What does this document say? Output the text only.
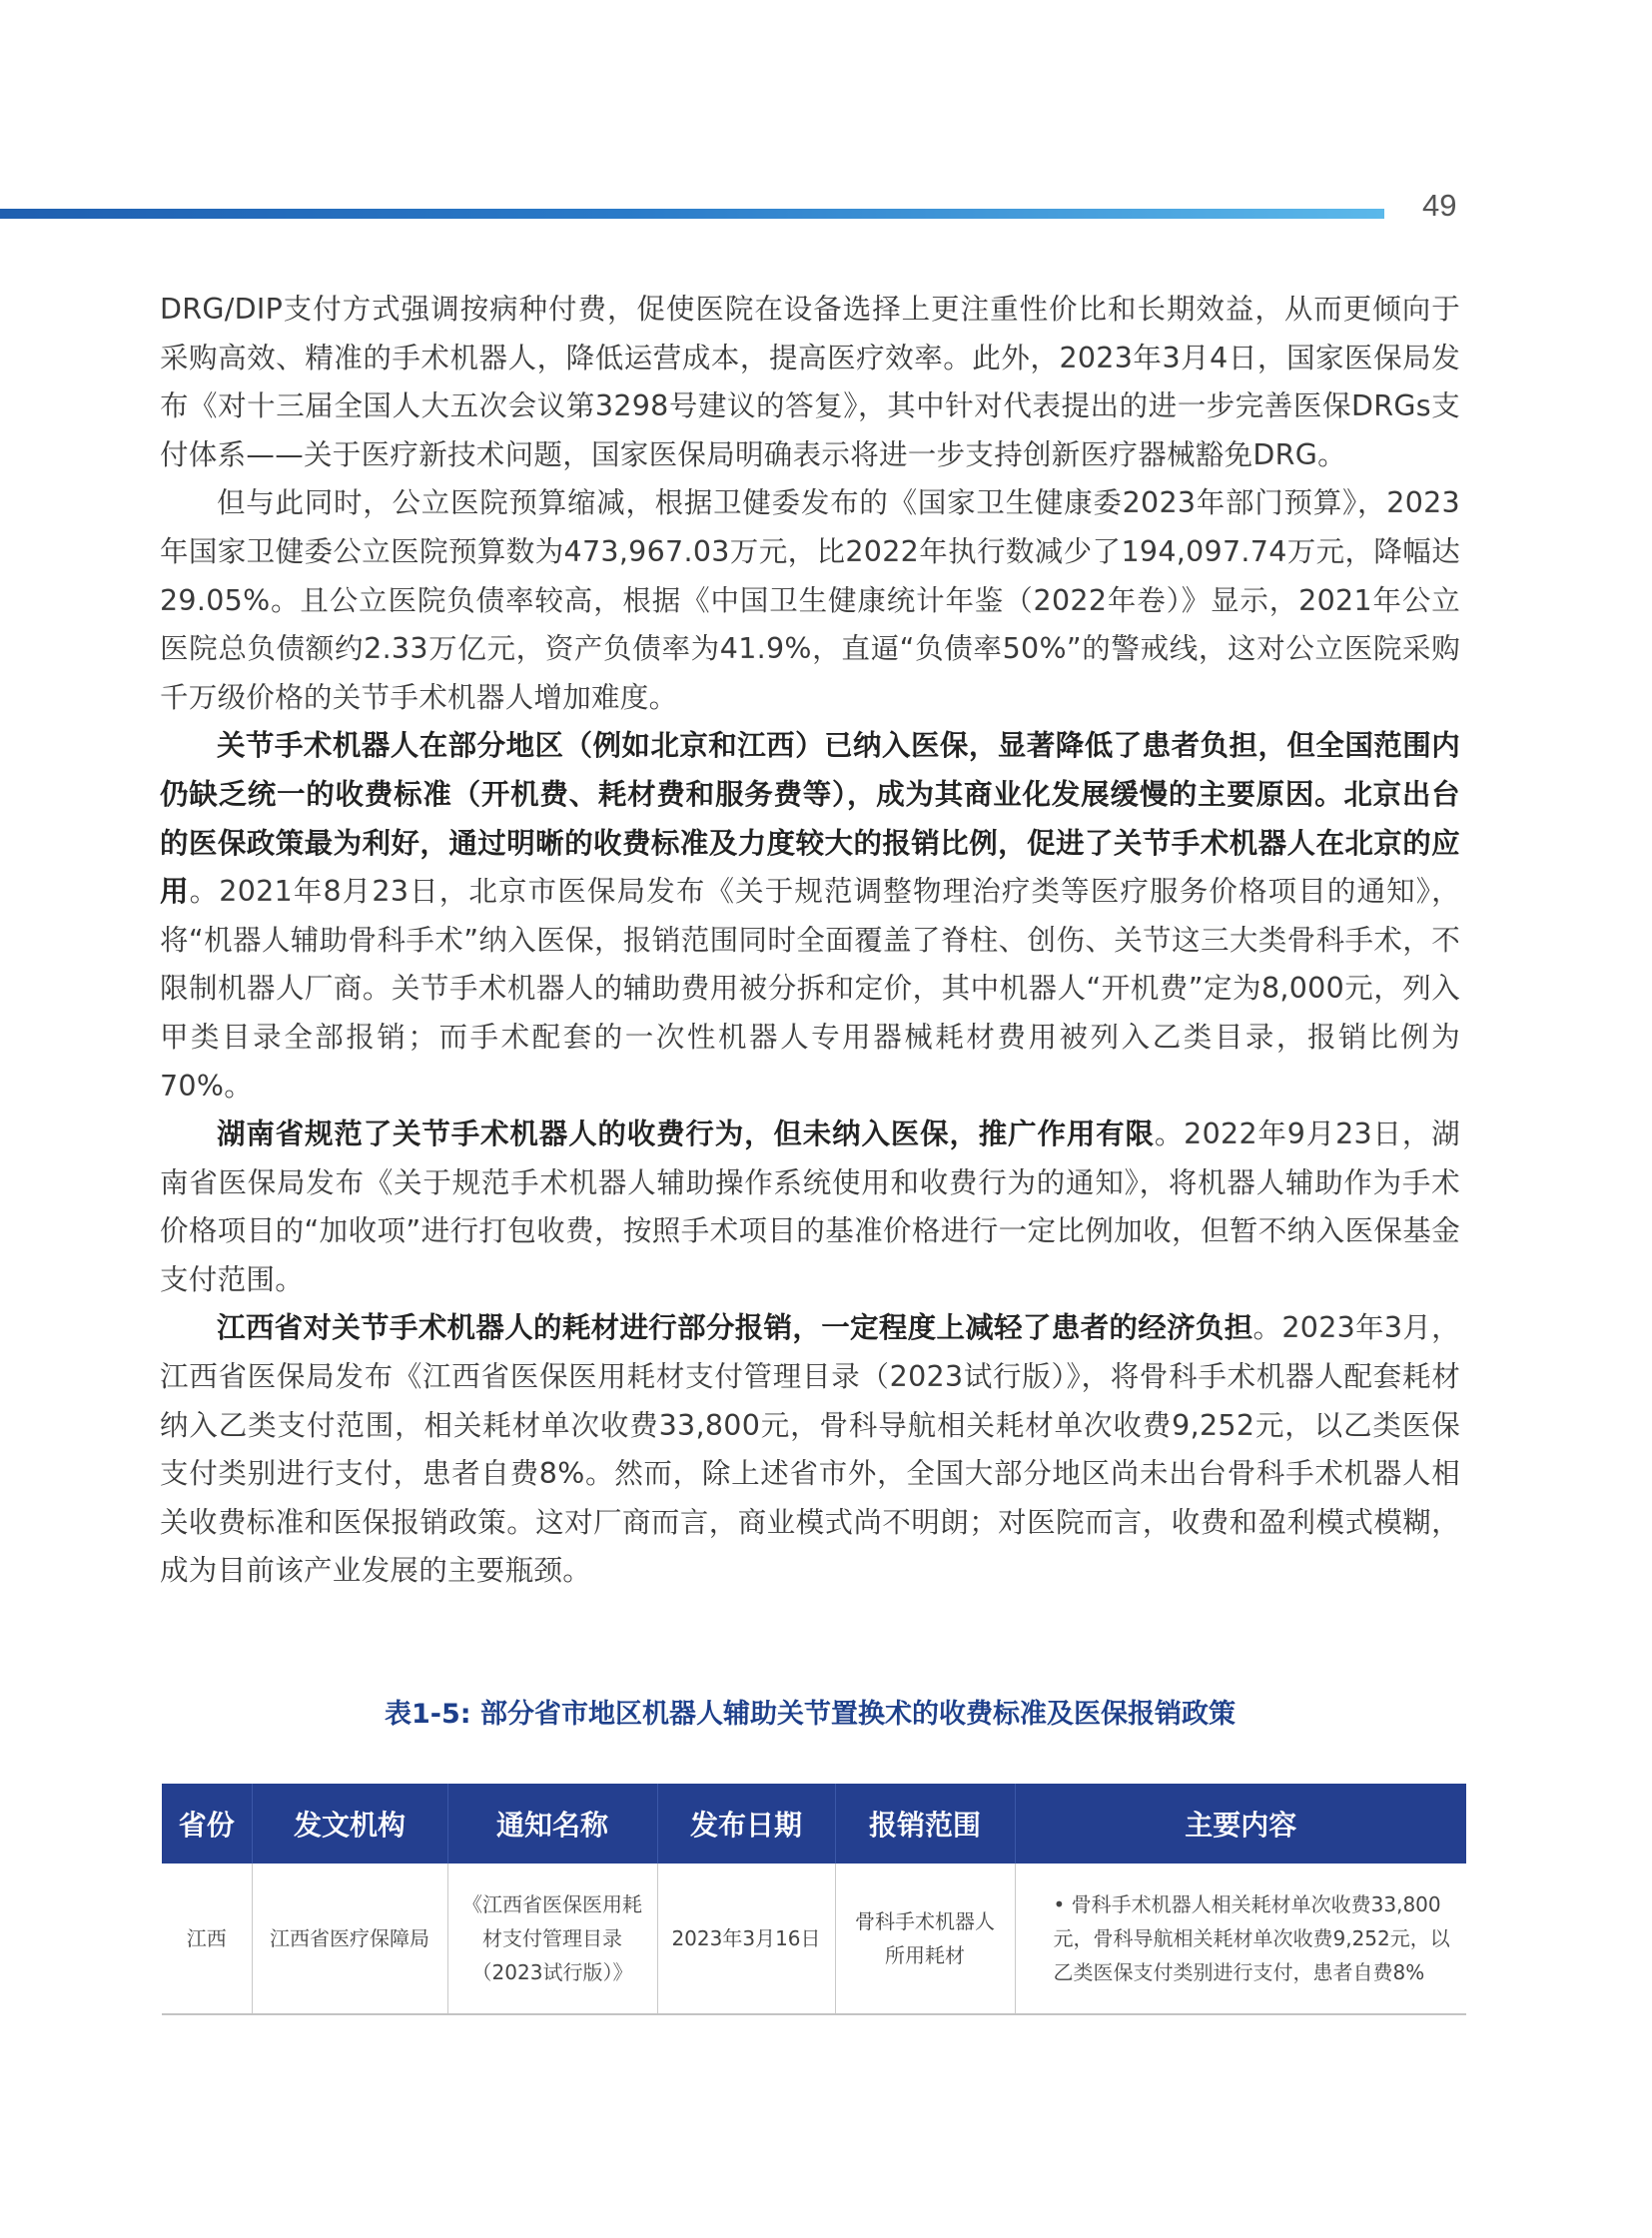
49

DRG/DIP支付方式强调按病种付费，促使医院在设备选择上更注重性价比和长期效益，从而更倾向于采购高效、精准的手术机器人，降低运营成本，提高医疗效率。此外，2023年3月4日，国家医保局发布《对十三届全国人大五次会议第3298号建议的答复》，其中针对代表提出的进一步完善医保DRGs支付体系——关于医疗新技术问题，国家医保局明确表示将进一步支持创新医疗器械豁免DRG。

但与此同时，公立医院预算缩减，根据卫健委发布的《国家卫生健康委2023年部门预算》，2023年国家卫健委公立医院预算数为473,967.03万元，比2022年执行数减少了194,097.74万元，降幅达29.05%。且公立医院负债率较高，根据《中国卫生健康统计年鉴（2022年卷）》显示，2021年公立医院总负债额约2.33万亿元，资产负债率为41.9%，直逼“负债率50%”的警戒线，这对公立医院采购千万级价格的关节手术机器人增加难度。

关节手术机器人在部分地区（例如北京和江西）已纳入医保，显著降低了患者负担，但全国范围内仍缺乏统一的收费标准（开机费、耗材费和服务费等），成为其商业化发展缓慢的主要原因。北京出台的医保政策最为利好，通过明晰的收费标准及力度较大的报销比例，促进了关节手术机器人在北京的应用。2021年8月23日，北京市医保局发布《关于规范调整物理治疗类等医疗服务价格项目的通知》，将“机器人辅助骨科手术”纳入医保，报销范围同时全面覆盖了脊柱、创伤、关节这三大类骨科手术，不限制机器人厂商。关节手术机器人的辅助费用被分拆和定价，其中机器人“开机费”定为8,000元，列入甲类目录全部报销；而手术配套的一次性机器人专用器械耗材费用被列入乙类目录，报销比例为70%。

湖南省规范了关节手术机器人的收费行为，但未纳入医保，推广作用有限。2022年9月23日，湖南省医保局发布《关于规范手术机器人辅助操作系统使用和收费行为的通知》，将机器人辅助作为手术价格项目的“加收项”进行打包收费，按照手术项目的基准价格进行一定比例加收，但暂不纳入医保基金支付范围。

江西省对关节手术机器人的耗材进行部分报销，一定程度上减轻了患者的经济负担。2023年3月，江西省医保局发布《江西省医保医用耗材支付管理目录（2023试行版）》，将骨科手术机器人配套耗材纳入乙类支付范围，相关耗材单次收费33,800元，骨科导航相关耗材单次收费9,252元，以乙类医保支付类别进行支付，患者自费8%。然而，除上述省市外，全国大部分地区尚未出台骨科手术机器人相关收费标准和医保报销政策。这对厂商而言，商业模式尚不明朗；对医院而言，收费和盈利模式模糊，成为目前该产业发展的主要瓶颈。

表1-5: 部分省市地区机器人辅助关节置换术的收费标准及医保报销政策
省份	发文机构	通知名称	发布日期	报销范围	主要内容
江西	江西省医疗保障局	《江西省医保医用耗材支付管理目录（2023试行版）》	2023年3月16日	骨科手术机器人所用耗材	• 骨科手术机器人相关耗材单次收费33,800元，骨科导航相关耗材单次收费9,252元，以乙类医保支付类别进行支付，患者自费8%
